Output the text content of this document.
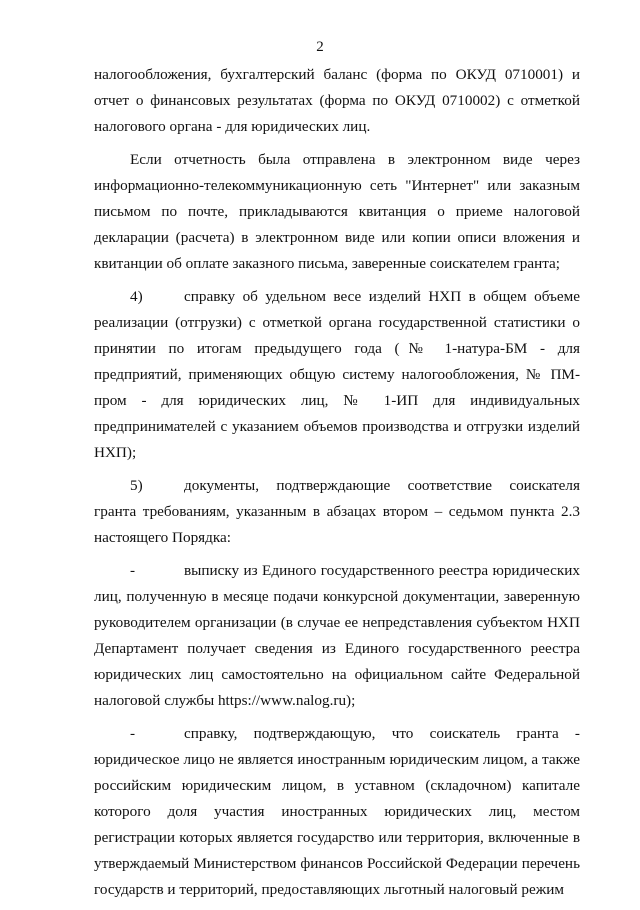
2

налогообложения, бухгалтерский баланс (форма по ОКУД 0710001) и отчет о финансовых результатах (форма по ОКУД 0710002) с отметкой налогового органа - для юридических лиц.

Если отчетность была отправлена в электронном виде через информационно-телекоммуникационную сеть "Интернет" или заказным письмом по почте, прикладываются квитанция о приеме налоговой декларации (расчета) в электронном виде или копии описи вложения и квитанции об оплате заказного письма, заверенные соискателем гранта;

4)	справку об удельном весе изделий НХП в общем объеме реализации (отгрузки) с отметкой органа государственной статистики о принятии по итогам предыдущего года (№ 1-натура-БМ - для предприятий, применяющих общую систему налогообложения, № ПМ-пром - для юридических лиц, № 1-ИП для индивидуальных предпринимателей с указанием объемов производства и отгрузки изделий НХП);

5)	документы, подтверждающие соответствие соискателя гранта требованиям, указанным в абзацах втором – седьмом пункта 2.3 настоящего Порядка:

-	выписку из Единого государственного реестра юридических лиц, полученную в месяце подачи конкурсной документации, заверенную руководителем организации (в случае ее непредставления субъектом НХП Департамент получает сведения из Единого государственного реестра юридических лиц самостоятельно на официальном сайте Федеральной налоговой службы https://www.nalog.ru);

-	справку, подтверждающую, что соискатель гранта - юридическое лицо не является иностранным юридическим лицом, а также российским юридическим лицом, в уставном (складочном) капитале которого доля участия иностранных юридических лиц, местом регистрации которых является государство или территория, включенные в утверждаемый Министерством финансов Российской Федерации перечень государств и территорий, предоставляющих льготный налоговый режим
